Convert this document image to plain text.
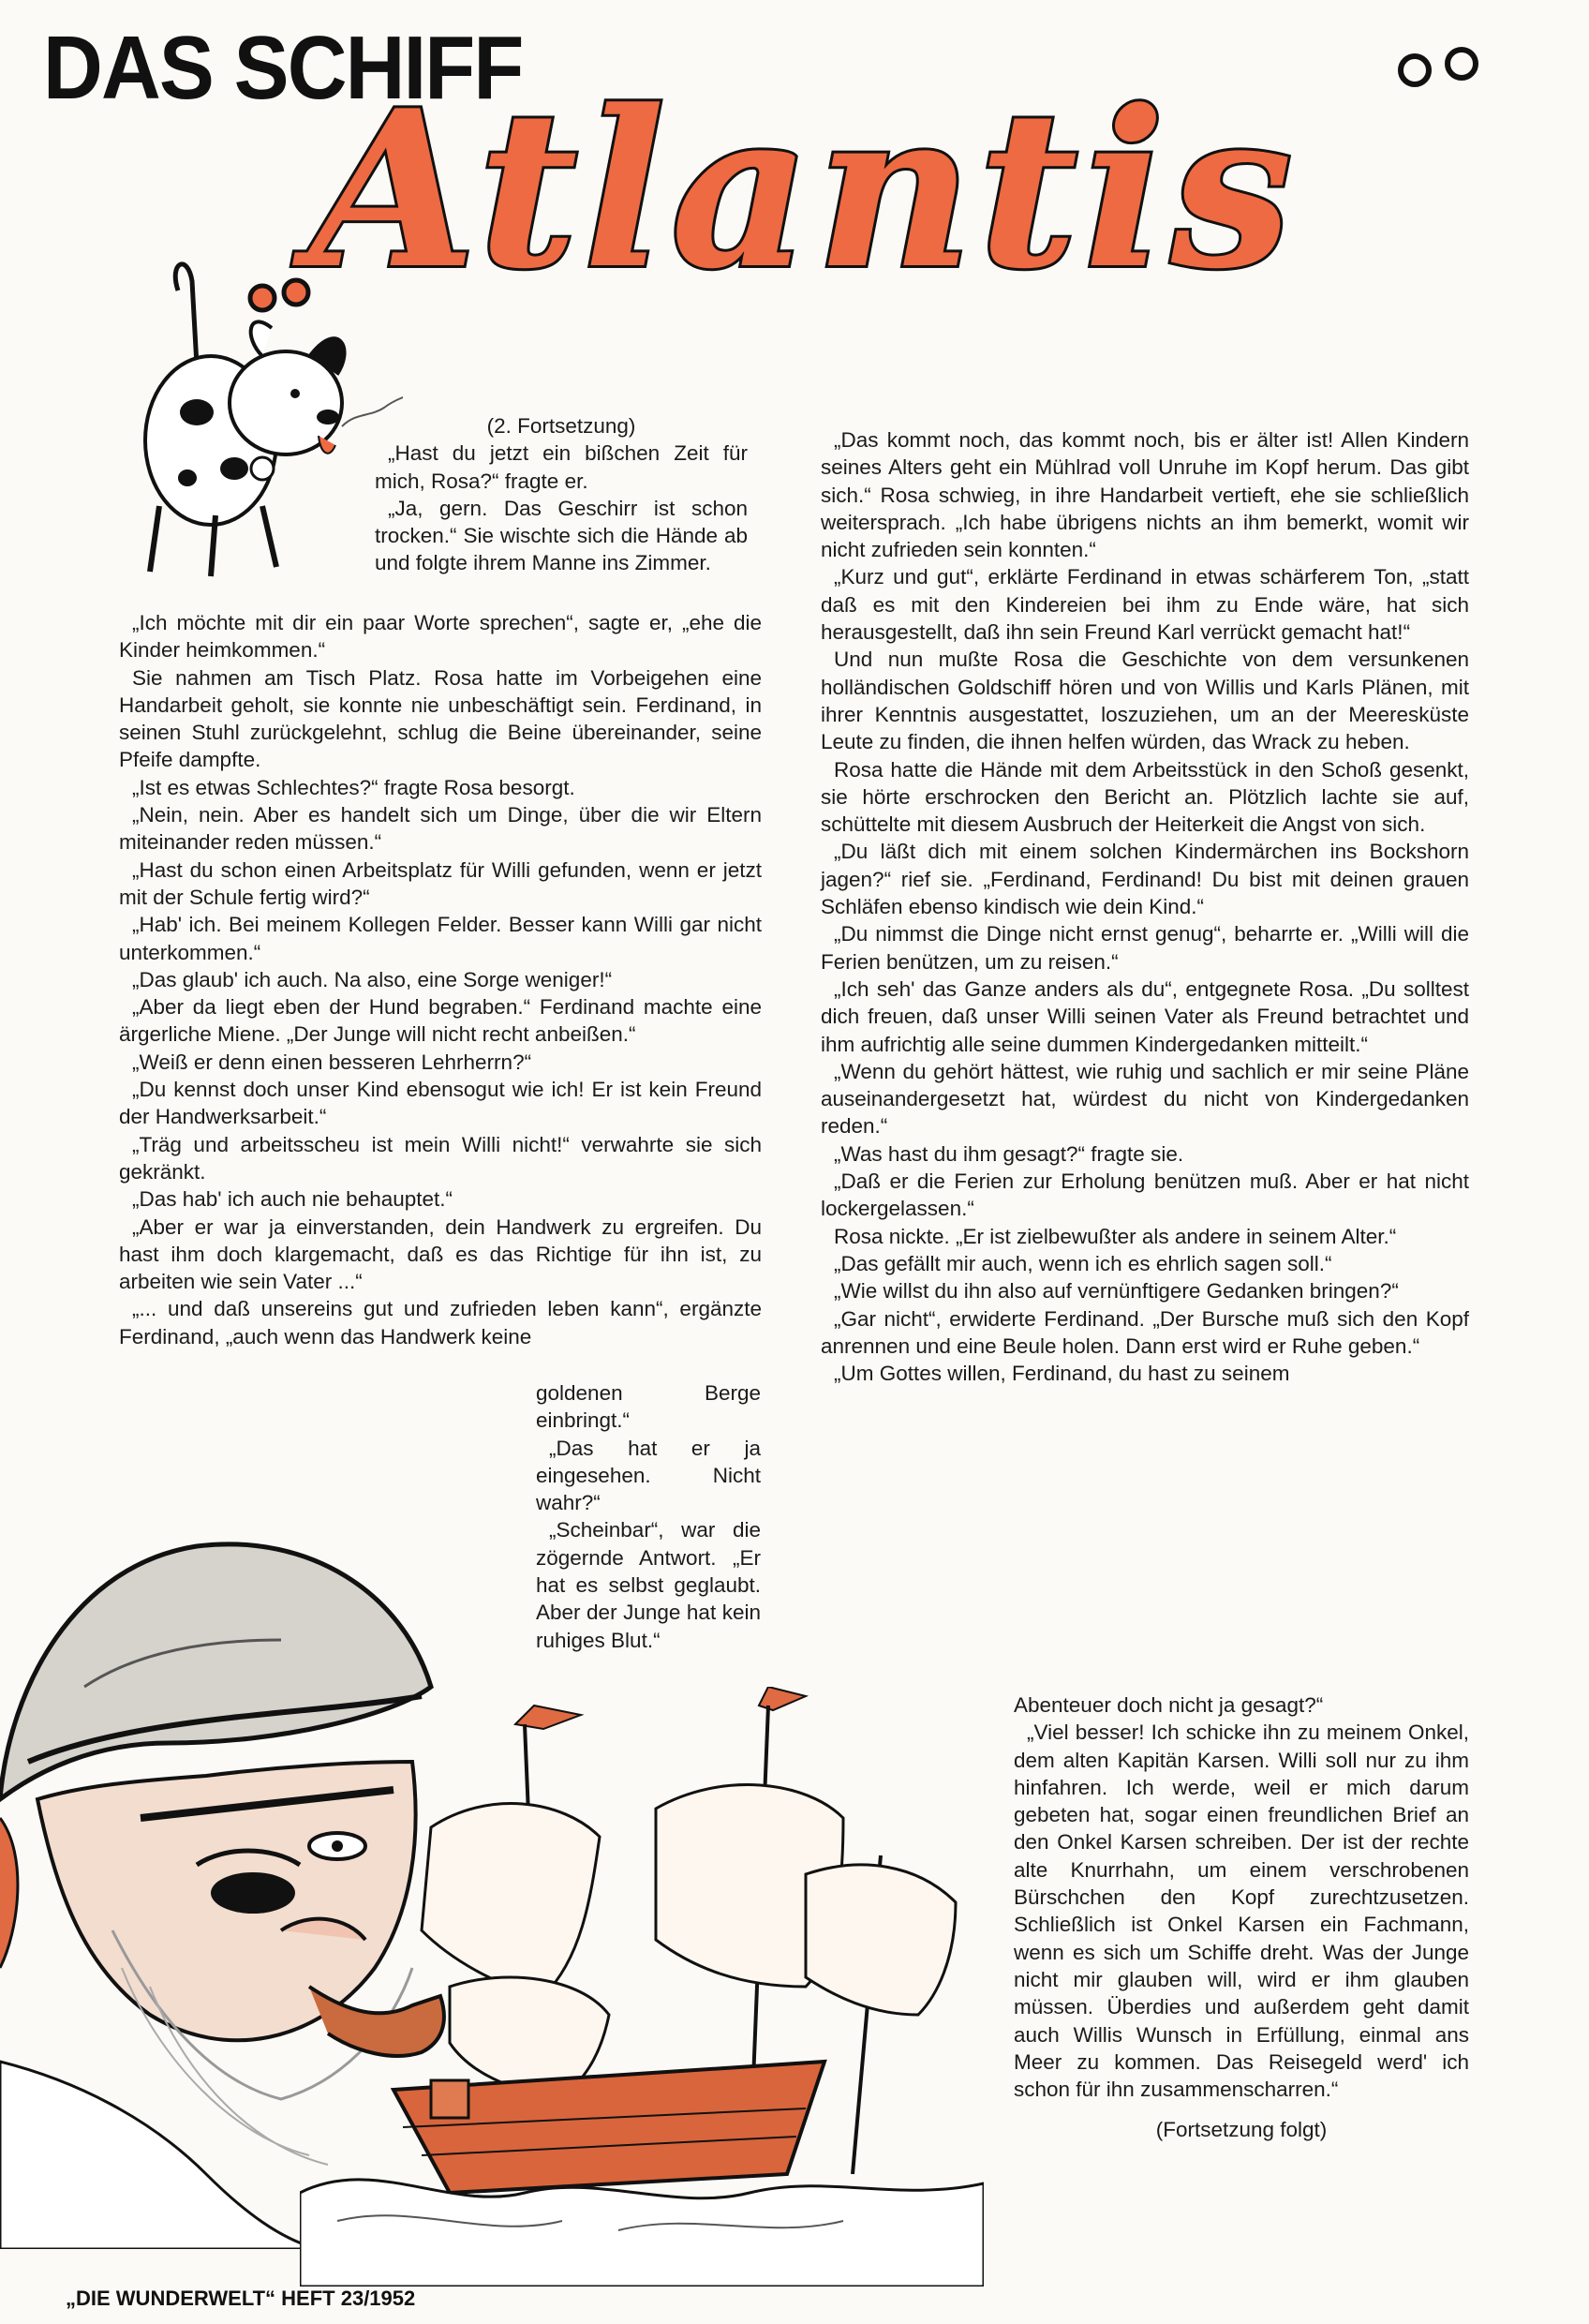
DAS SCHIFF
Atlantis

(2. Fortsetzung)

„Hast du jetzt ein bißchen Zeit für mich, Rosa?“ fragte er.

„Ja, gern. Das Geschirr ist schon trocken.“ Sie wischte sich die Hände ab und folgte ihrem Manne ins Zimmer.

„Ich möchte mit dir ein paar Worte sprechen“, sagte er, „ehe die Kinder heimkommen.“

Sie nahmen am Tisch Platz. Rosa hatte im Vorbeigehen eine Handarbeit geholt, sie konnte nie unbeschäftigt sein. Ferdinand, in seinen Stuhl zurückgelehnt, schlug die Beine übereinander, seine Pfeife dampfte.

„Ist es etwas Schlechtes?“ fragte Rosa besorgt.

„Nein, nein. Aber es handelt sich um Dinge, über die wir Eltern miteinander reden müssen.“

„Hast du schon einen Arbeitsplatz für Willi gefunden, wenn er jetzt mit der Schule fertig wird?“

„Hab' ich. Bei meinem Kollegen Felder. Besser kann Willi gar nicht unterkommen.“

„Das glaub' ich auch. Na also, eine Sorge weniger!“

„Aber da liegt eben der Hund begraben.“ Ferdinand machte eine ärgerliche Miene. „Der Junge will nicht recht anbeißen.“

„Weiß er denn einen besseren Lehrherrn?“

„Du kennst doch unser Kind ebensogut wie ich! Er ist kein Freund der Handwerksarbeit.“

„Träg und arbeitsscheu ist mein Willi nicht!“ verwahrte sie sich gekränkt.

„Das hab' ich auch nie behauptet.“

„Aber er war ja einverstanden, dein Handwerk zu ergreifen. Du hast ihm doch klargemacht, daß es das Richtige für ihn ist, zu arbeiten wie sein Vater ...“

„... und daß unsereins gut und zufrieden leben kann“, ergänzte Ferdinand, „auch wenn das Handwerk keine

goldenen Berge einbringt.“

„Das hat er ja eingesehen. Nicht wahr?“

„Scheinbar“, war die zögernde Antwort. „Er hat es selbst geglaubt. Aber der Junge hat kein ruhiges Blut.“

„Das kommt noch, das kommt noch, bis er älter ist! Allen Kindern seines Alters geht ein Mühlrad voll Unruhe im Kopf herum. Das gibt sich.“ Rosa schwieg, in ihre Handarbeit vertieft, ehe sie schließlich weitersprach. „Ich habe übrigens nichts an ihm bemerkt, womit wir nicht zufrieden sein konnten.“

„Kurz und gut“, erklärte Ferdinand in etwas schärferem Ton, „statt daß es mit den Kindereien bei ihm zu Ende wäre, hat sich herausgestellt, daß ihn sein Freund Karl verrückt gemacht hat!“

Und nun mußte Rosa die Geschichte von dem versunkenen holländischen Goldschiff hören und von Willis und Karls Plänen, mit ihrer Kenntnis ausgestattet, loszuziehen, um an der Meeresküste Leute zu finden, die ihnen helfen würden, das Wrack zu heben.

Rosa hatte die Hände mit dem Arbeitsstück in den Schoß gesenkt, sie hörte erschrocken den Bericht an. Plötzlich lachte sie auf, schüttelte mit diesem Ausbruch der Heiterkeit die Angst von sich.

„Du läßt dich mit einem solchen Kindermärchen ins Bockshorn jagen?“ rief sie. „Ferdinand, Ferdinand! Du bist mit deinen grauen Schläfen ebenso kindisch wie dein Kind.“

„Du nimmst die Dinge nicht ernst genug“, beharrte er. „Willi will die Ferien benützen, um zu reisen.“

„Ich seh' das Ganze anders als du“, entgegnete Rosa. „Du solltest dich freuen, daß unser Willi seinen Vater als Freund betrachtet und ihm aufrichtig alle seine dummen Kindergedanken mitteilt.“

„Wenn du gehört hättest, wie ruhig und sachlich er mir seine Pläne auseinandergesetzt hat, würdest du nicht von Kindergedanken reden.“

„Was hast du ihm gesagt?“ fragte sie.

„Daß er die Ferien zur Erholung benützen muß. Aber er hat nicht lockergelassen.“

Rosa nickte. „Er ist zielbewußter als andere in seinem Alter.“

„Das gefällt mir auch, wenn ich es ehrlich sagen soll.“

„Wie willst du ihn also auf vernünftigere Gedanken bringen?“

„Gar nicht“, erwiderte Ferdinand. „Der Bursche muß sich den Kopf anrennen und eine Beule holen. Dann erst wird er Ruhe geben.“

„Um Gottes willen, Ferdinand, du hast zu seinem

Abenteuer doch nicht ja gesagt?“

„Viel besser! Ich schicke ihn zu meinem Onkel, dem alten Kapitän Karsen. Willi soll nur zu ihm hinfahren. Ich werde, weil er mich darum gebeten hat, sogar einen freundlichen Brief an den Onkel Karsen schreiben. Der ist der rechte alte Knurrhahn, um einem verschrobenen Bürschchen den Kopf zurechtzusetzen. Schließlich ist Onkel Karsen ein Fachmann, wenn es sich um Schiffe dreht. Was der Junge nicht mir glauben will, wird er ihm glauben müssen. Überdies und außerdem geht damit auch Willis Wunsch in Erfüllung, einmal ans Meer zu kommen. Das Reisegeld werd' ich schon für ihn zusammenscharren.“

(Fortsetzung folgt)

„DIE WUNDERWELT“ HEFT 23/1952
